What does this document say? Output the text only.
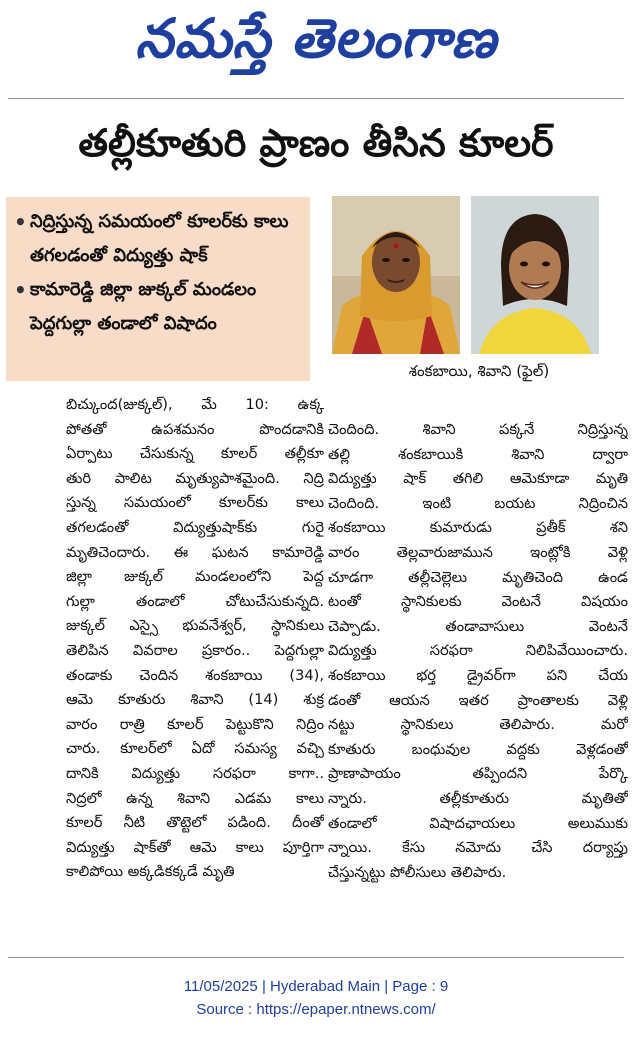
నమస్తే తెలంగాణ
తల్లీకూతురి ప్రాణం తీసిన కూలర్
• నిద్రిస్తున్న సమయంలో కూలర్‌కు కాలు తగలడంతో విద్యుత్తు షాక్
• కామారెడ్డి జిల్లా జుక్కల్ మండలం పెద్దగుల్లా తండాలో విషాదం
శంకబాయి, శివాని (ఫైల్)

బిచ్కుంద(జుక్కల్), మే 10: ఉక్క

పోతతో ఉపశమనం పొందడానికి

ఏర్పాటు చేసుకున్న కూలర్ తల్లీకూ

తురి పాలిట మృత్యుపాశమైంది. నిద్రి

స్తున్న సమయంలో కూలర్‌కు కాలు

తగలడంతో విద్యుత్తుషాక్‌కు గురై

మృతిచెందారు. ఈ ఘటన కామారెడ్డి

జిల్లా జుక్కల్ మండలంలోని పెద్ద

గుల్లా తండాలో చోటుచేసుకున్నది.

జుక్కల్ ఎస్సై భువనేశ్వర్, స్థానికులు

తెలిపిన వివరాల ప్రకారం.. పెద్దగుల్లా

తండాకు చెందిన శంకబాయి (34),

ఆమె కూతురు శివాని (14) శుక్ర

వారం రాత్రి కూలర్ పెట్టుకొని నిద్రిం

చారు. కూలర్‌లో ఏదో సమస్య వచ్చి

దానికి విద్యుత్తు సరఫరా కాగా..

నిద్రలో ఉన్న శివాని ఎడమ కాలు

కూలర్ నీటి తొట్టెలో పడింది. దీంతో

విద్యుత్తు షాక్‌తో ఆమె కాలు పూర్తిగా

కాలిపోయి అక్కడికక్కడే మృతి

చెందింది. శివాని పక్కనే నిద్రిస్తున్న

తల్లి శంకబాయికి శివాని ద్వారా

విద్యుత్తు షాక్ తగిలి ఆమెకూడా మృతి

చెందింది. ఇంటి బయట నిద్రించిన

శంకబాయి కుమారుడు ప్రతీక్ శని

వారం తెల్లవారుజామున ఇంట్లోకి వెళ్లి

చూడగా తల్లీచెల్లెలు మృతిచెంది ఉండ

టంతో స్థానికులకు వెంటనే విషయం

చెప్పాడు. తండావాసులు వెంటనే

విద్యుత్తు సరఫరా నిలిపివేయించారు.

శంకబాయి భర్త డ్రైవర్‌గా పని చేయ

డంతో ఆయన ఇతర ప్రాంతాలకు వెళ్లి

నట్టు స్థానికులు తెలిపారు. మరో

కూతురు బంధువుల వద్దకు వెళ్లడంతో

ప్రాణాపాయం తప్పిందని పేర్కొ

న్నారు. తల్లీకూతురు మృతితో

తండాలో విషాదఛాయలు అలుముకు

న్నాయి. కేసు నమోదు చేసి దర్యాప్తు

చేస్తున్నట్టు పోలీసులు తెలిపారు.

11/05/2025 | Hyderabad Main | Page : 9
Source : https://epaper.ntnews.com/
